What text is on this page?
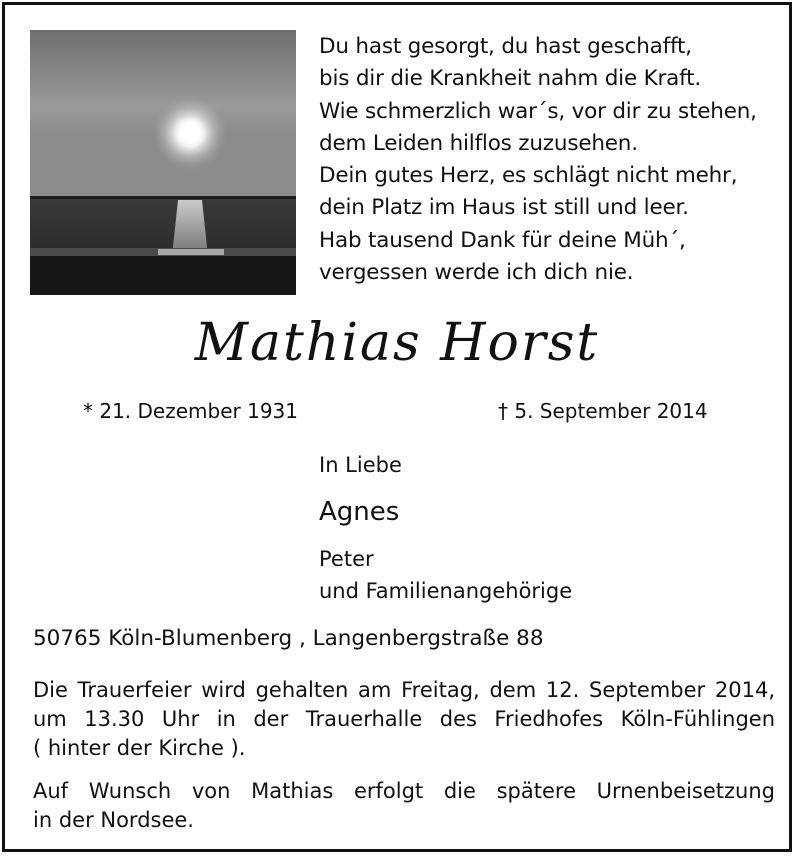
Du hast gesorgt, du hast geschafft,
bis dir die Krankheit nahm die Kraft.
Wie schmerzlich war´s, vor dir zu stehen,
dem Leiden hilflos zuzusehen.
Dein gutes Herz, es schlägt nicht mehr,
dein Platz im Haus ist still und leer.
Hab tausend Dank für deine Müh´,
vergessen werde ich dich nie.
Mathias Horst
* 21. Dezember 1931	† 5. September 2014
In Liebe
Agnes
Peter
und Familienangehörige
50765 Köln-Blumenberg , Langenbergstraße 88
Die Trauerfeier wird gehalten am Freitag, dem 12. September 2014,
um 13.30 Uhr in der Trauerhalle des Friedhofes Köln-Fühlingen
( hinter der Kirche ).
Auf Wunsch von Mathias erfolgt die spätere Urnenbeisetzung
in der Nordsee.
